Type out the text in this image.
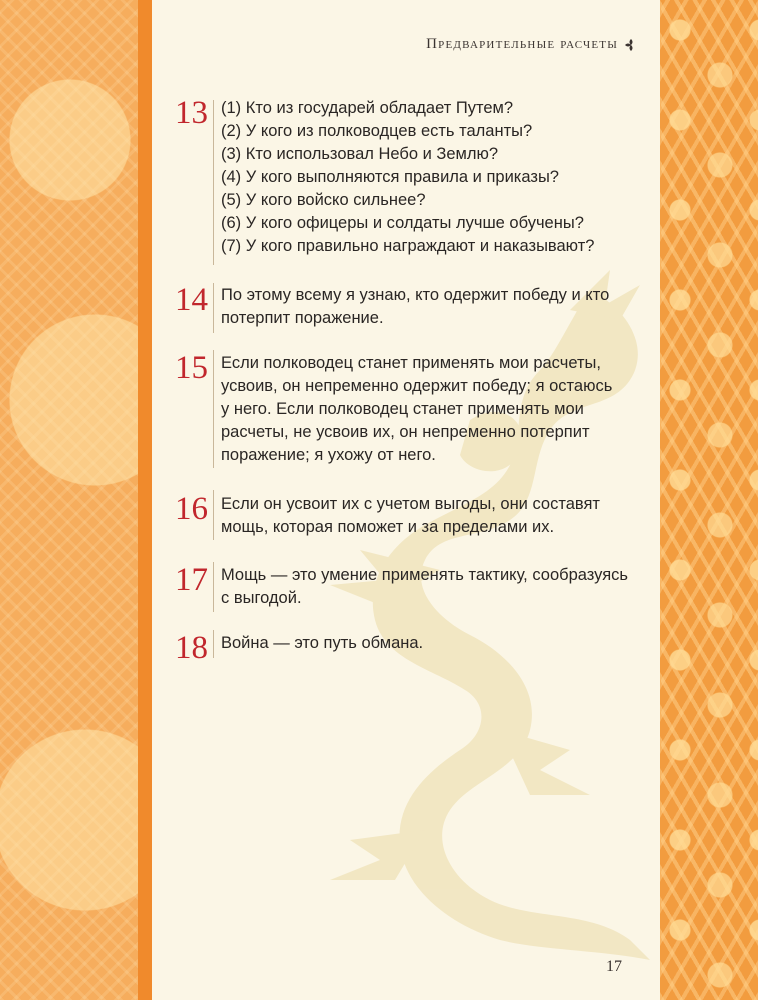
Предварительные расчеты
13 (1) Кто из государей обладает Путем?
(2) У кого из полководцев есть таланты?
(3) Кто использовал Небо и Землю?
(4) У кого выполняются правила и приказы?
(5) У кого войско сильнее?
(6) У кого офицеры и солдаты лучше обучены?
(7) У кого правильно награждают и наказывают?
14 По этому всему я узнаю, кто одержит победу и кто
потерпит поражение.
15 Если полководец станет применять мои расчеты,
усвоив, он непременно одержит победу; я остаюсь
у него. Если полководец станет применять мои
расчеты, не усвоив их, он непременно потерпит
поражение; я ухожу от него.
16 Если он усвоит их с учетом выгоды, они составят
мощь, которая поможет и за пределами их.
17 Мощь — это умение применять тактику, сообразуясь
с выгодой.
18 Война — это путь обмана.
17
